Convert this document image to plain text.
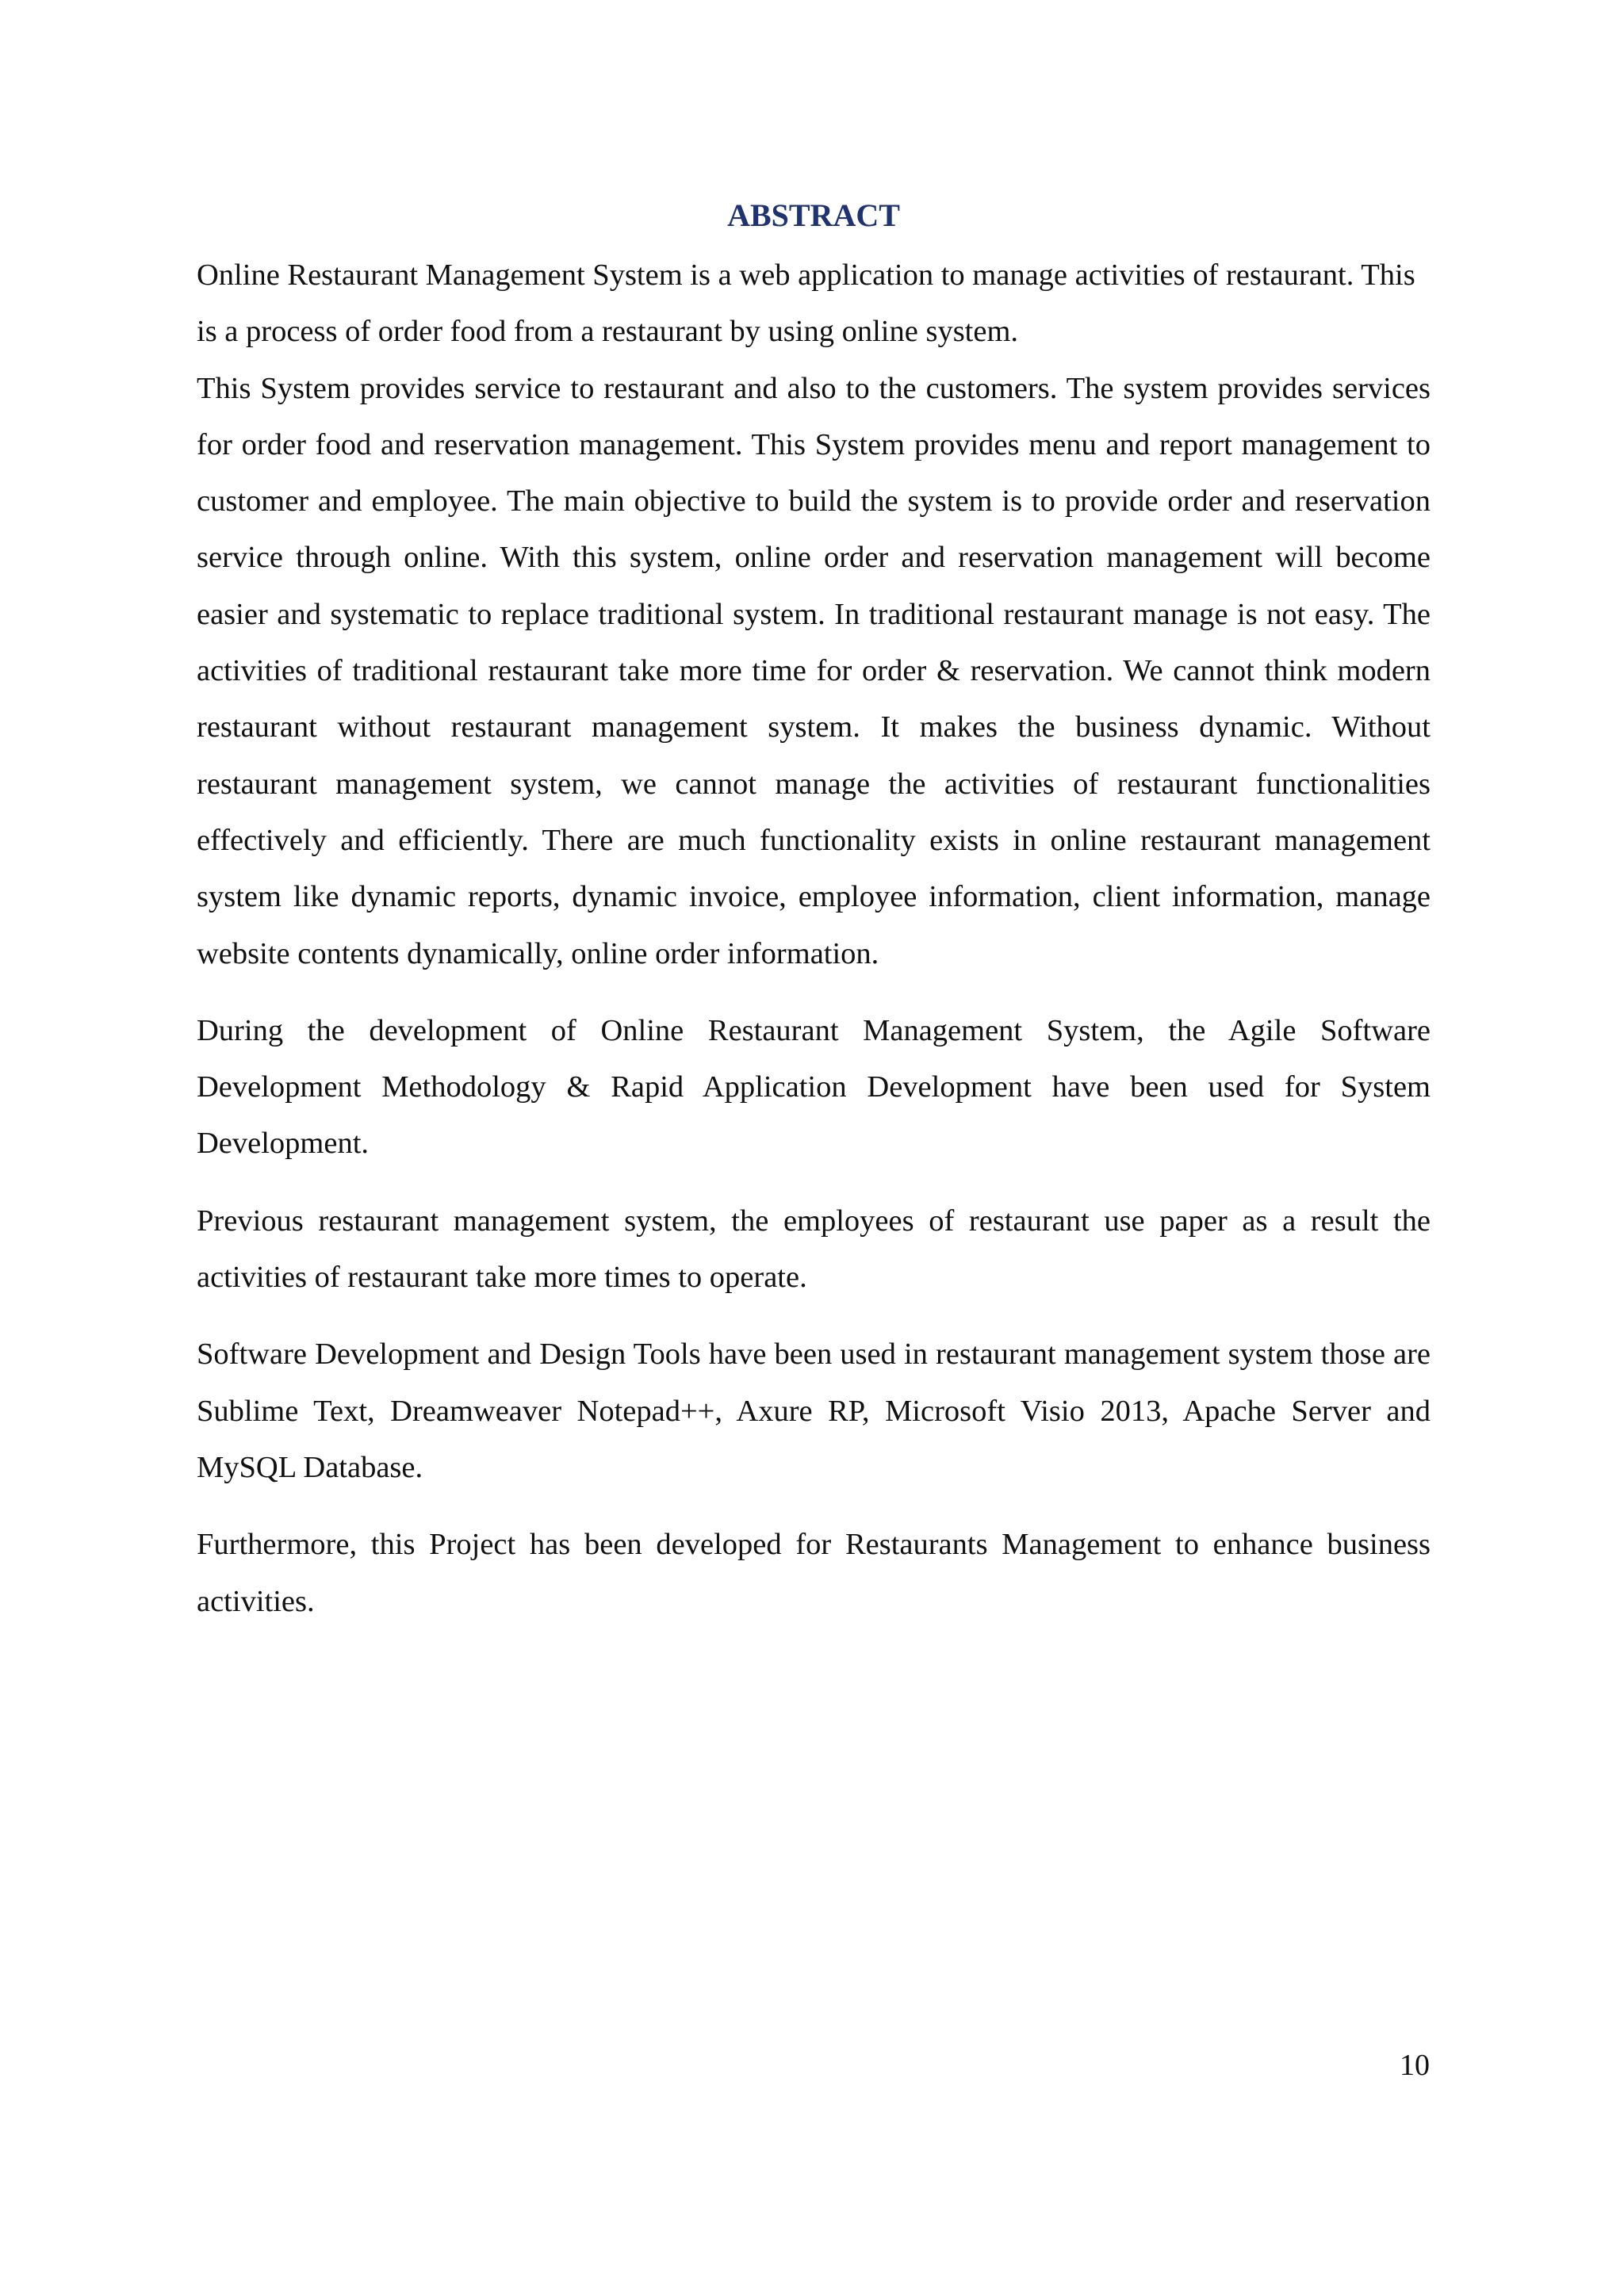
ABSTRACT

Online Restaurant Management System is a web application to manage activities of restaurant. This is a process of order food from a restaurant by using online system.

This System provides service to restaurant and also to the customers. The system provides services for order food and reservation management. This System provides menu and report management to customer and employee. The main objective to build the system is to provide order and reservation service through online. With this system, online order and reservation management will become easier and systematic to replace traditional system. In traditional restaurant manage is not easy. The activities of traditional restaurant take more time for order & reservation. We cannot think modern restaurant without restaurant management system. It makes the business dynamic. Without restaurant management system, we cannot manage the activities of restaurant functionalities effectively and efficiently. There are much functionality exists in online restaurant management system like dynamic reports, dynamic invoice, employee information, client information, manage website contents dynamically, online order information.

During the development of Online Restaurant Management System, the Agile Software Development Methodology & Rapid Application Development have been used for System Development.

Previous restaurant management system, the employees of restaurant use paper as a result the activities of restaurant take more times to operate.

Software Development and Design Tools have been used in restaurant management system those are Sublime Text, Dreamweaver Notepad++, Axure RP, Microsoft Visio 2013, Apache Server and MySQL Database.

Furthermore, this Project has been developed for Restaurants Management to enhance business activities.

10
